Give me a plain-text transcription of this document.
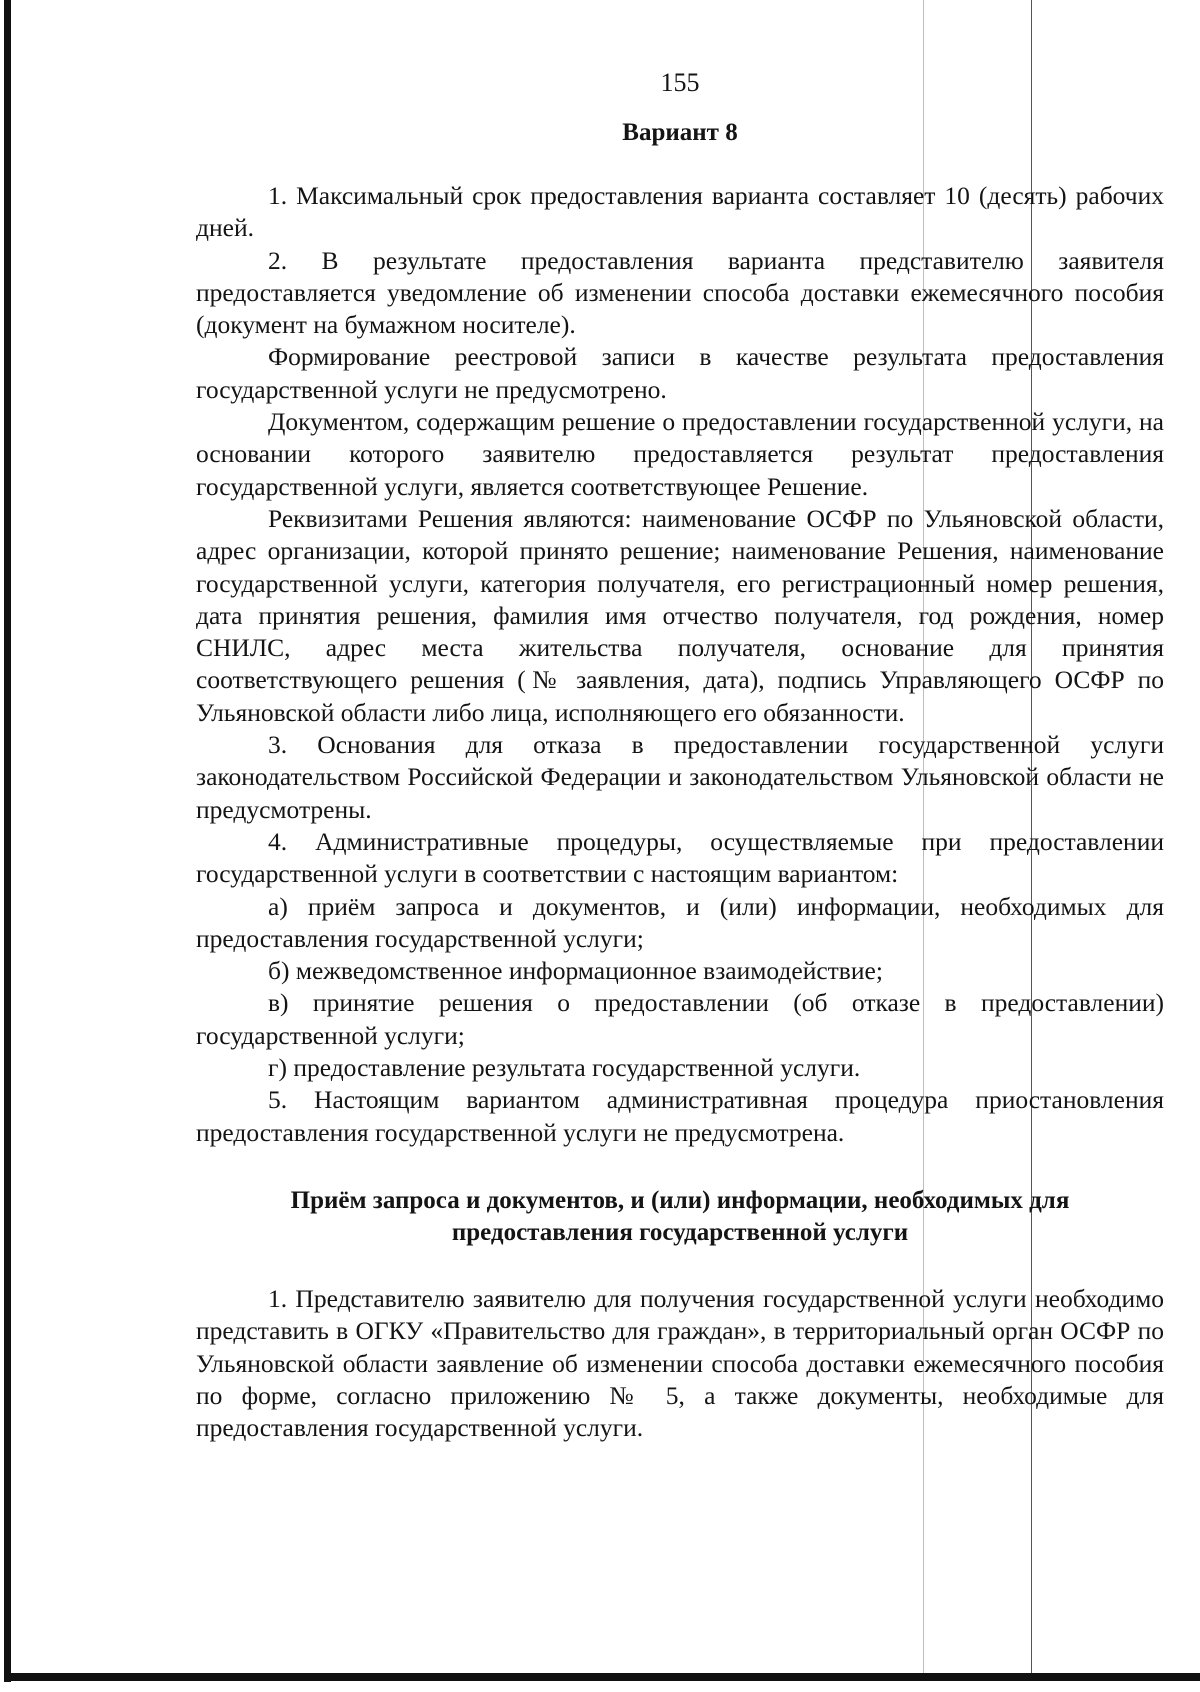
155
Вариант 8

1. Максимальный срок предоставления варианта составляет 10 (десять) рабочих дней.

2. В результате предоставления варианта представителю заявителя предоставляется уведомление об изменении способа доставки ежемесячного пособия (документ на бумажном носителе).

Формирование реестровой записи в качестве результата предоставления государственной услуги не предусмотрено.

Документом, содержащим решение о предоставлении государственной услуги, на основании которого заявителю предоставляется результат предоставления государственной услуги, является соответствующее Решение.

Реквизитами Решения являются: наименование ОСФР по Ульяновской области, адрес организации, которой принято решение; наименование Решения, наименование государственной услуги, категория получателя, его регистрационный номер решения, дата принятия решения, фамилия имя отчество получателя, год рождения, номер СНИЛС, адрес места жительства получателя, основание для принятия соответствующего решения (№ заявления, дата), подпись Управляющего ОСФР по Ульяновской области либо лица, исполняющего его обязанности.

3. Основания для отказа в предоставлении государственной услуги законодательством Российской Федерации и законодательством Ульяновской области не предусмотрены.

4. Административные процедуры, осуществляемые при предоставлении государственной услуги в соответствии с настоящим вариантом:

а) приём запроса и документов, и (или) информации, необходимых для предоставления государственной услуги;

б) межведомственное информационное взаимодействие;

в) принятие решения о предоставлении (об отказе в предоставлении) государственной услуги;

г) предоставление результата государственной услуги.

5. Настоящим вариантом административная процедура приостановления предоставления государственной услуги не предусмотрена.

Приём запроса и документов, и (или) информации, необходимых для
предоставления государственной услуги

1. Представителю заявителю для получения государственной услуги необходимо представить в ОГКУ «Правительство для граждан», в территориальный орган ОСФР по Ульяновской области заявление об изменении способа доставки ежемесячного пособия по форме, согласно приложению № 5, а также документы, необходимые для предоставления государственной услуги.
